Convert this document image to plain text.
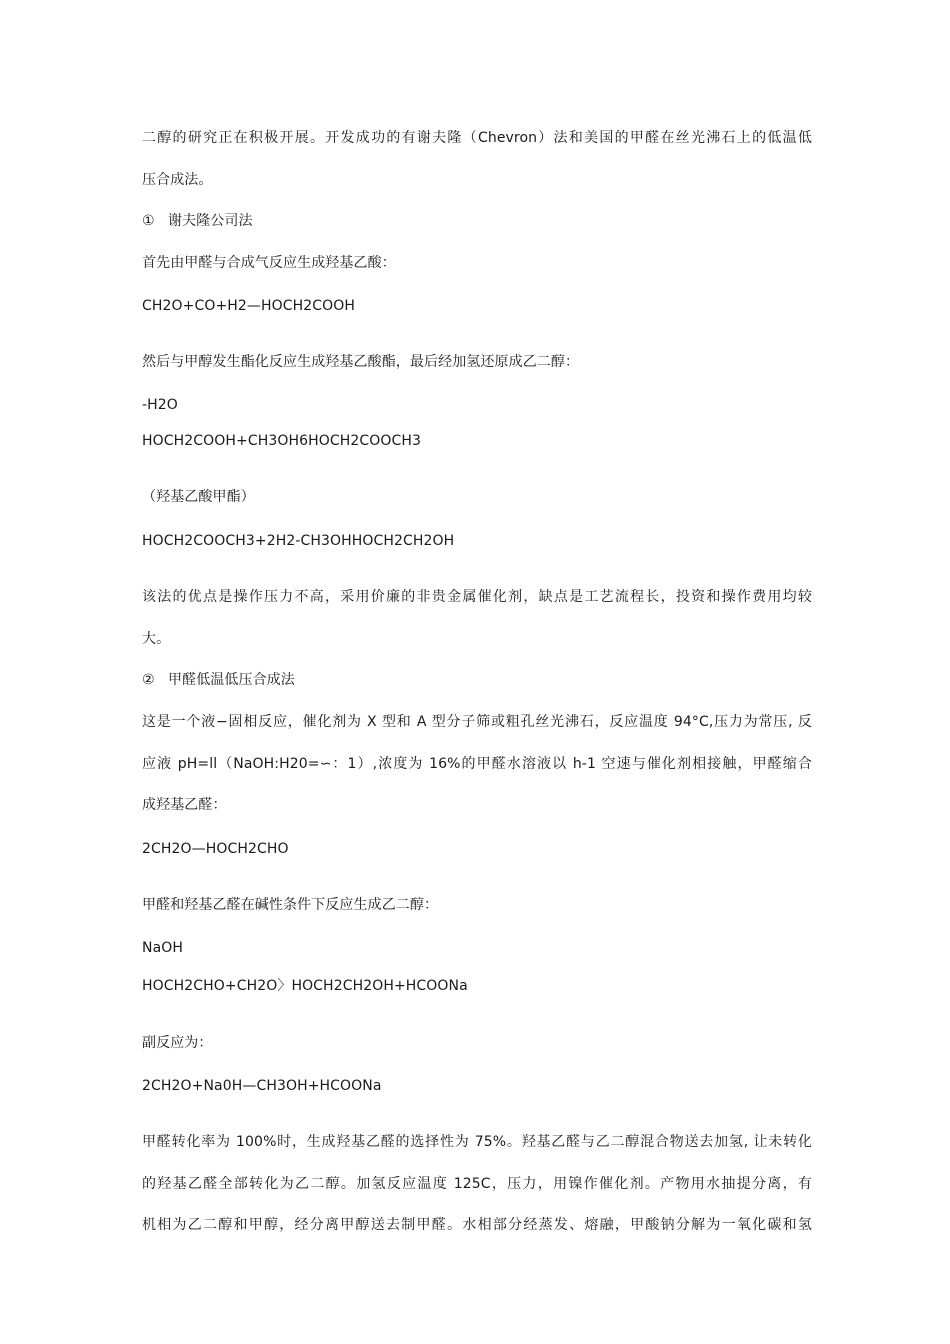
二醇的研究正在积极开展。开发成功的有谢夫隆（Chevron）法和美国的甲醛在丝光沸石上的低温低
压合成法。
① 谢夫隆公司法
首先由甲醛与合成气反应生成羟基乙酸：
CH2O+CO+H2—HOCH2COOH
然后与甲醇发生酯化反应生成羟基乙酸酯，最后经加氢还原成乙二醇：
-H2O
HOCH2COOH+CH3OH6HOCH2COOCH3
（羟基乙酸甲酯）
HOCH2COOCH3+2H2-CH3OHHOCH2CH2OH
该法的优点是操作压力不高，采用价廉的非贵金属催化剂，缺点是工艺流程长，投资和操作费用均较
大。
② 甲醛低温低压合成法
这是一个液−固相反应，催化剂为 X 型和 A 型分子筛或粗孔丝光沸石，反应温度 94°C,压力为常压, 反
应液 pH=ll（NaOH:H20=∽：1）,浓度为 16%的甲醛水溶液以 h-1 空速与催化剂相接触，甲醛缩合
成羟基乙醛：
2CH2O—HOCH2CHO
甲醛和羟基乙醛在碱性条件下反应生成乙二醇：
NaOH
HOCH2CHO+CH2O〉HOCH2CH2OH+HCOONa
副反应为：
2CH2O+Na0H—CH3OH+HCOONa
甲醛转化率为 100%时，生成羟基乙醛的选择性为 75%。羟基乙醛与乙二醇混合物送去加氢, 让未转化
的羟基乙醛全部转化为乙二醇。加氢反应温度 125C，压力，用镍作催化剂。产物用水抽提分离，有
机相为乙二醇和甲醇，经分离甲醇送去制甲醛。水相部分经蒸发、熔融，甲酸钠分解为一氧化碳和氢
